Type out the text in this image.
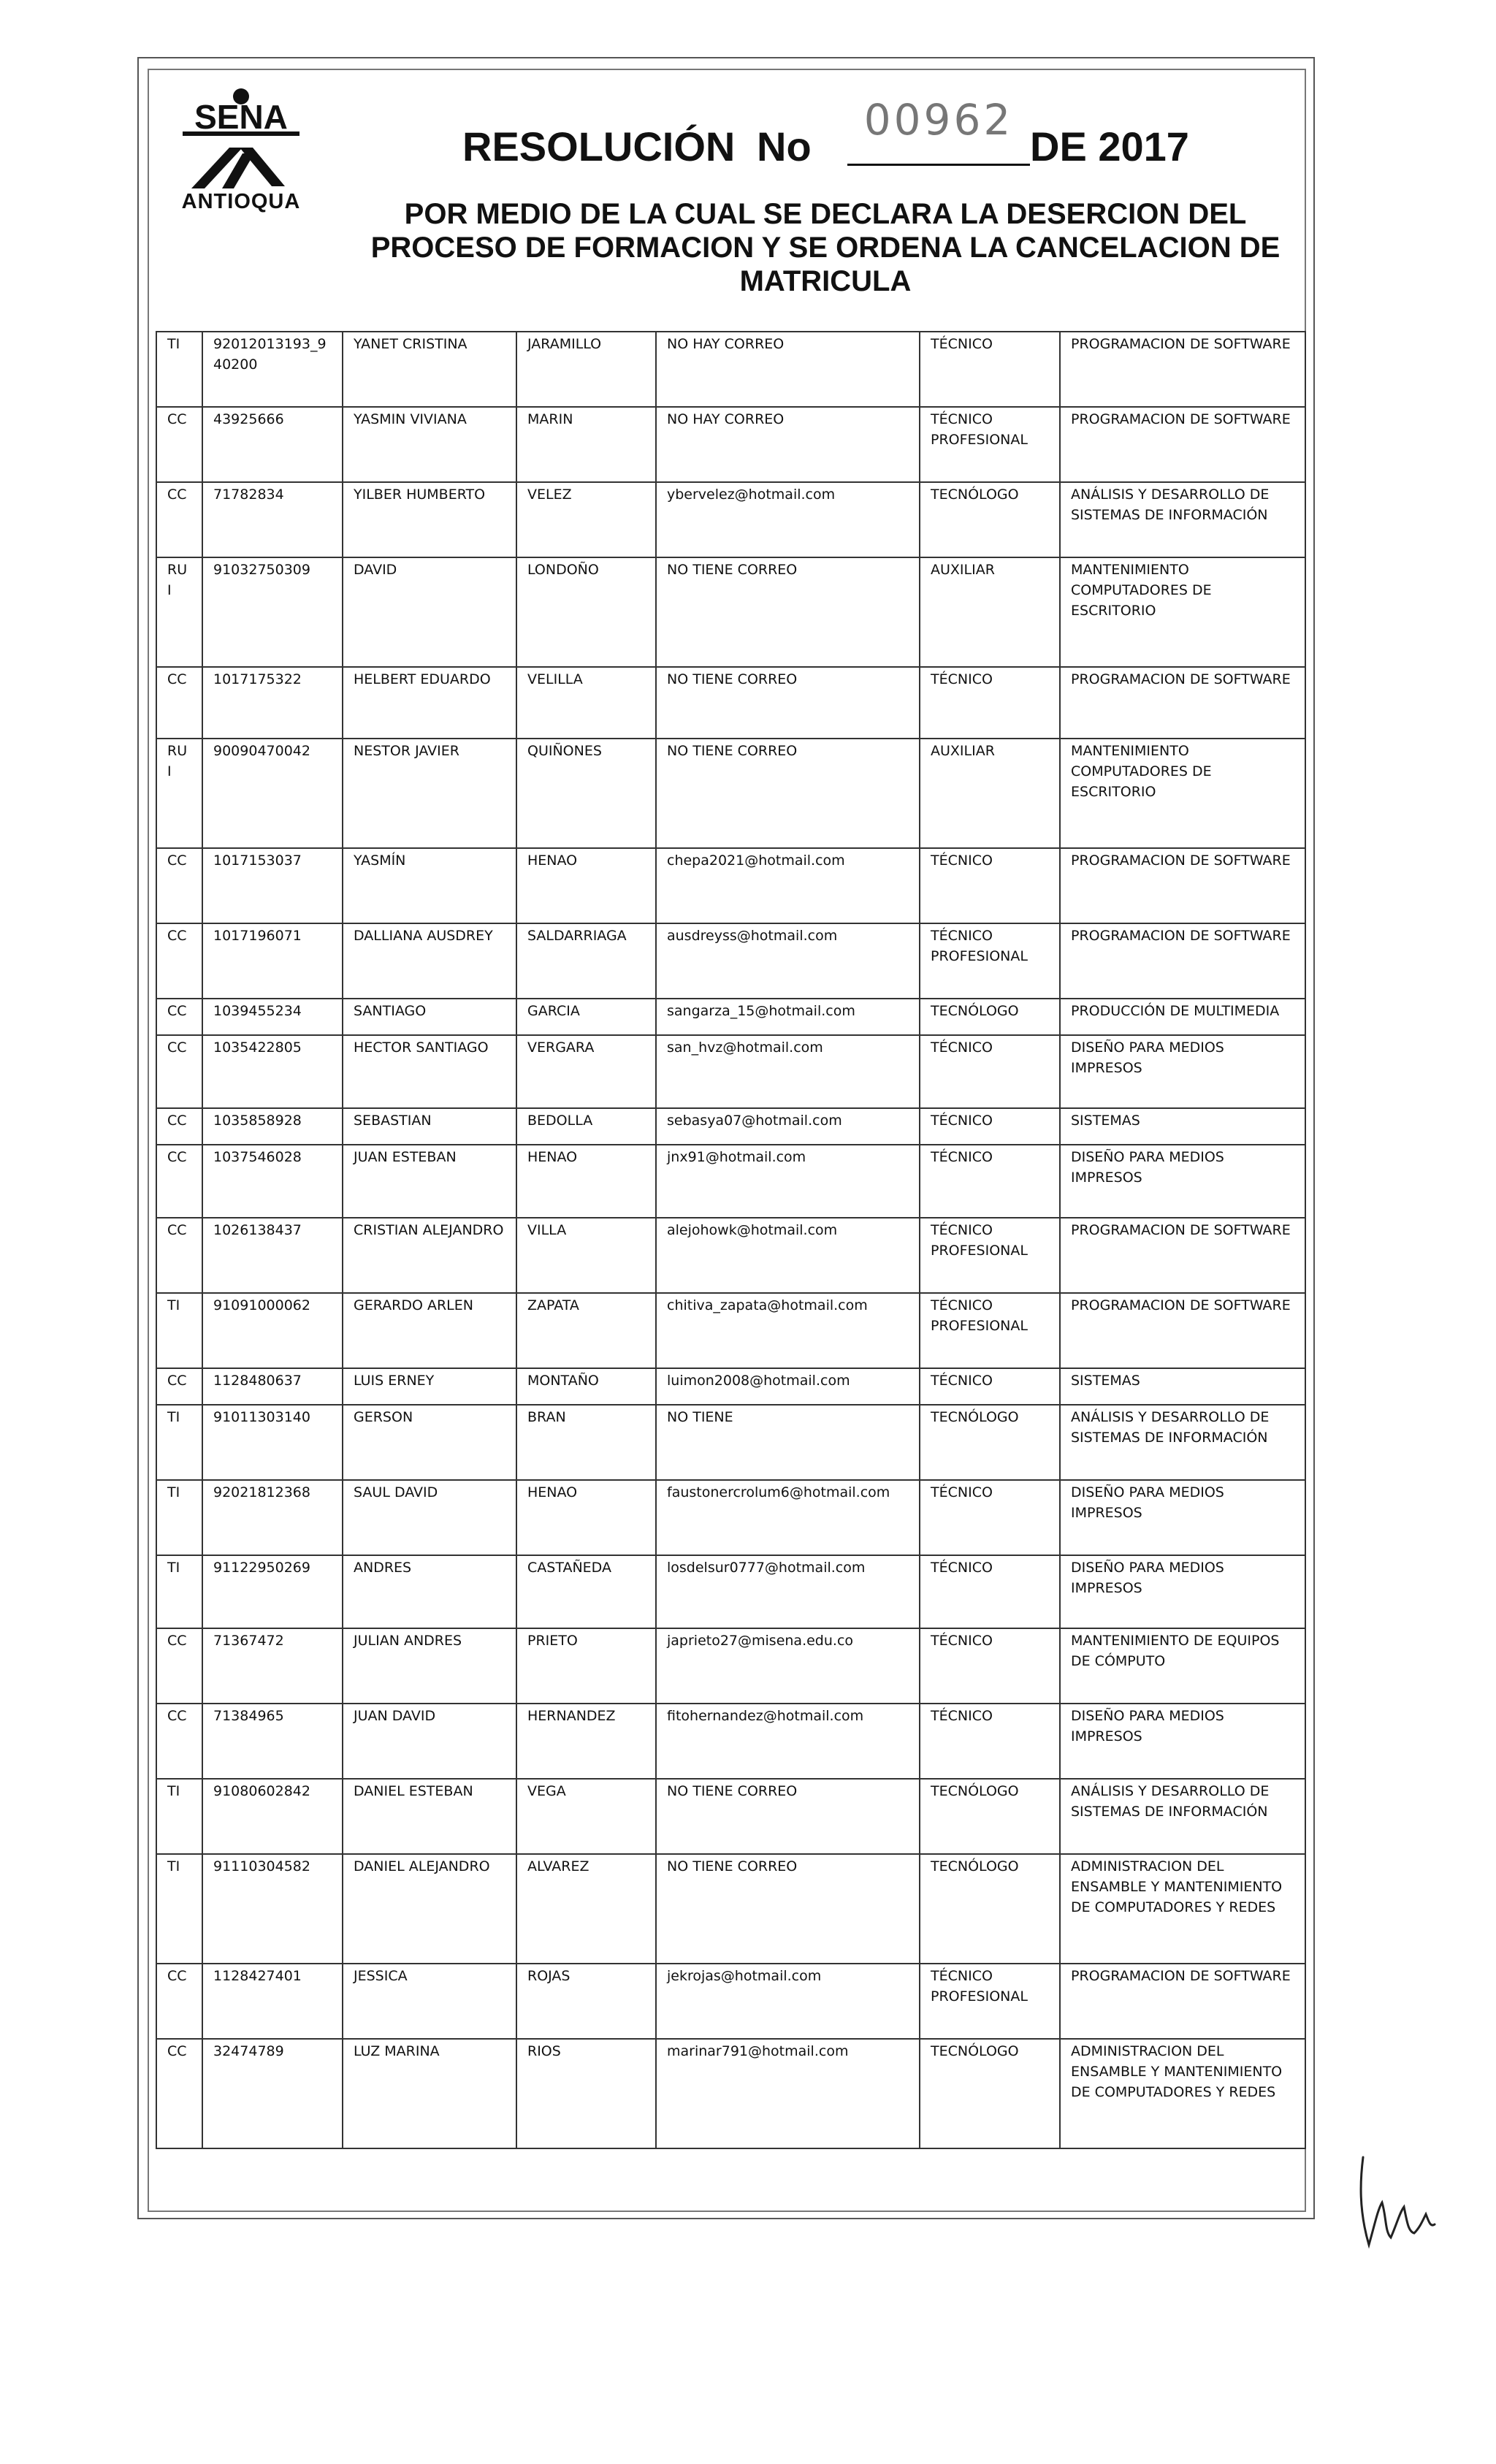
SENA
ANTIOQUA
RESOLUCIÓN No
00962
DE 2017
POR MEDIO DE LA CUAL SE DECLARA LA DESERCION DEL
PROCESO DE FORMACION Y SE ORDENA LA CANCELACION DE
MATRICULA
TI	92012013193_9 40200	YANET CRISTINA	JARAMILLO	NO HAY CORREO	TÉCNICO	PROGRAMACION DE SOFTWARE
CC	43925666	YASMIN VIVIANA	MARIN	NO HAY CORREO	TÉCNICO PROFESIONAL	PROGRAMACION DE SOFTWARE
CC	71782834	YILBER HUMBERTO	VELEZ	ybervelez@hotmail.com	TECNÓLOGO	ANÁLISIS Y DESARROLLO DE SISTEMAS DE INFORMACIÓN
RU I	91032750309	DAVID	LONDOÑO	NO TIENE CORREO	AUXILIAR	MANTENIMIENTO COMPUTADORES DE ESCRITORIO
CC	1017175322	HELBERT EDUARDO	VELILLA	NO TIENE CORREO	TÉCNICO	PROGRAMACION DE SOFTWARE
RU I	90090470042	NESTOR JAVIER	QUIÑONES	NO TIENE CORREO	AUXILIAR	MANTENIMIENTO COMPUTADORES DE ESCRITORIO
CC	1017153037	YASMÍN	HENAO	chepa2021@hotmail.com	TÉCNICO	PROGRAMACION DE SOFTWARE
CC	1017196071	DALLIANA AUSDREY	SALDARRIAGA	ausdreyss@hotmail.com	TÉCNICO PROFESIONAL	PROGRAMACION DE SOFTWARE
CC	1039455234	SANTIAGO	GARCIA	sangarza_15@hotmail.com	TECNÓLOGO	PRODUCCIÓN DE MULTIMEDIA
CC	1035422805	HECTOR SANTIAGO	VERGARA	san_hvz@hotmail.com	TÉCNICO	DISEÑO PARA MEDIOS IMPRESOS
CC	1035858928	SEBASTIAN	BEDOLLA	sebasya07@hotmail.com	TÉCNICO	SISTEMAS
CC	1037546028	JUAN ESTEBAN	HENAO	jnx91@hotmail.com	TÉCNICO	DISEÑO PARA MEDIOS IMPRESOS
CC	1026138437	CRISTIAN ALEJANDRO	VILLA	alejohowk@hotmail.com	TÉCNICO PROFESIONAL	PROGRAMACION DE SOFTWARE
TI	91091000062	GERARDO ARLEN	ZAPATA	chitiva_zapata@hotmail.com	TÉCNICO PROFESIONAL	PROGRAMACION DE SOFTWARE
CC	1128480637	LUIS ERNEY	MONTAÑO	luimon2008@hotmail.com	TÉCNICO	SISTEMAS
TI	91011303140	GERSON	BRAN	NO TIENE	TECNÓLOGO	ANÁLISIS Y DESARROLLO DE SISTEMAS DE INFORMACIÓN
TI	92021812368	SAUL DAVID	HENAO	faustonercrolum6@hotmail.com	TÉCNICO	DISEÑO PARA MEDIOS IMPRESOS
TI	91122950269	ANDRES	CASTAÑEDA	losdelsur0777@hotmail.com	TÉCNICO	DISEÑO PARA MEDIOS IMPRESOS
CC	71367472	JULIAN ANDRES	PRIETO	japrieto27@misena.edu.co	TÉCNICO	MANTENIMIENTO DE EQUIPOS DE CÓMPUTO
CC	71384965	JUAN DAVID	HERNANDEZ	fitohernandez@hotmail.com	TÉCNICO	DISEÑO PARA MEDIOS IMPRESOS
TI	91080602842	DANIEL ESTEBAN	VEGA	NO TIENE CORREO	TECNÓLOGO	ANÁLISIS Y DESARROLLO DE SISTEMAS DE INFORMACIÓN
TI	91110304582	DANIEL ALEJANDRO	ALVAREZ	NO TIENE CORREO	TECNÓLOGO	ADMINISTRACION DEL ENSAMBLE Y MANTENIMIENTO DE COMPUTADORES Y REDES
CC	1128427401	JESSICA	ROJAS	jekrojas@hotmail.com	TÉCNICO PROFESIONAL	PROGRAMACION DE SOFTWARE
CC	32474789	LUZ MARINA	RIOS	marinar791@hotmail.com	TECNÓLOGO	ADMINISTRACION DEL ENSAMBLE Y MANTENIMIENTO DE COMPUTADORES Y REDES
